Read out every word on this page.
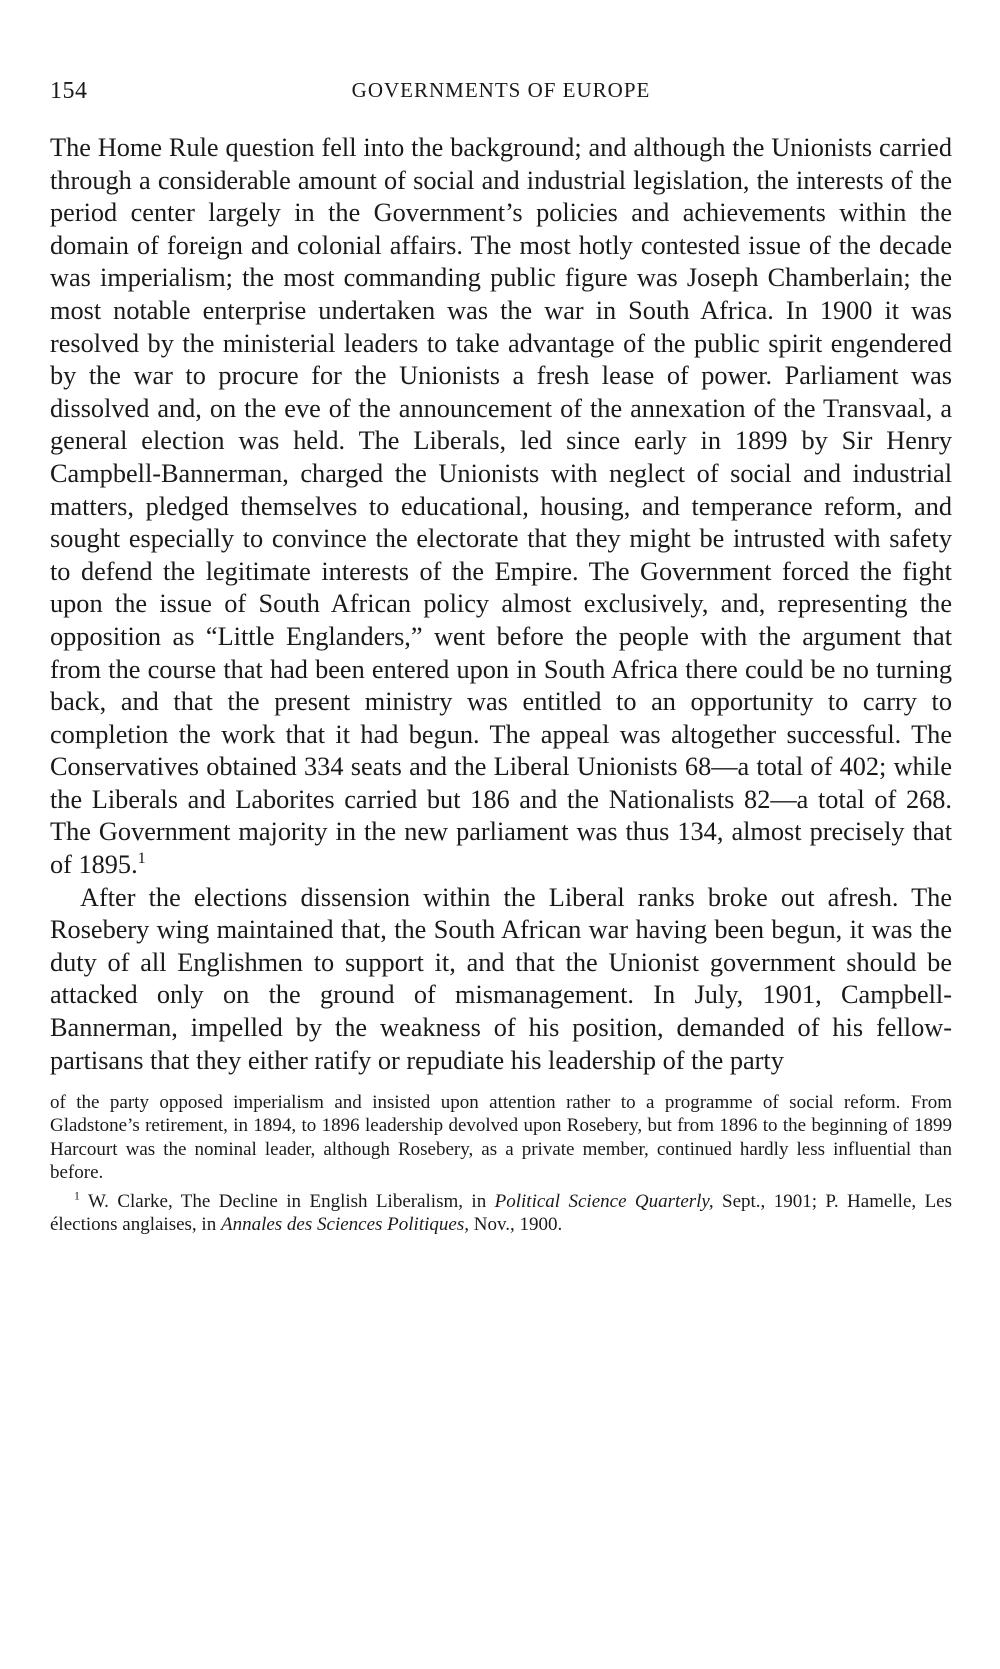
154	GOVERNMENTS OF EUROPE

The Home Rule question fell into the background; and although the Unionists carried through a considerable amount of social and industrial legislation, the interests of the period center largely in the Government’s policies and achievements within the domain of foreign and colonial affairs. The most hotly contested issue of the decade was imperialism; the most commanding public figure was Joseph Chamberlain; the most notable enterprise undertaken was the war in South Africa. In 1900 it was resolved by the ministerial leaders to take advantage of the public spirit engendered by the war to procure for the Unionists a fresh lease of power. Parliament was dissolved and, on the eve of the announcement of the annexation of the Transvaal, a general election was held. The Liberals, led since early in 1899 by Sir Henry Campbell-Bannerman, charged the Unionists with neglect of social and industrial matters, pledged themselves to educational, housing, and temperance reform, and sought especially to convince the electorate that they might be intrusted with safety to defend the legitimate interests of the Empire. The Government forced the fight upon the issue of South African policy almost exclusively, and, representing the opposition as “Little Englanders,” went before the people with the argument that from the course that had been entered upon in South Africa there could be no turning back, and that the present ministry was entitled to an opportunity to carry to completion the work that it had begun. The appeal was altogether successful. The Conservatives obtained 334 seats and the Liberal Unionists 68—a total of 402; while the Liberals and Laborites carried but 186 and the Nationalists 82—a total of 268. The Government majority in the new parliament was thus 134, almost precisely that of 1895.$^1$

After the elections dissension within the Liberal ranks broke out afresh. The Rosebery wing maintained that, the South African war having been begun, it was the duty of all Englishmen to support it, and that the Unionist government should be attacked only on the ground of mismanagement. In July, 1901, Campbell-Bannerman, impelled by the weakness of his position, demanded of his fellow-partisans that they either ratify or repudiate his leadership of the party

of the party opposed imperialism and insisted upon attention rather to a programme of social reform. From Gladstone’s retirement, in 1894, to 1896 leadership devolved upon Rosebery, but from 1896 to the beginning of 1899 Harcourt was the nominal leader, although Rosebery, as a private member, continued hardly less influential than before.

$^1$ W. Clarke, The Decline in English Liberalism, in Political Science Quarterly, Sept., 1901; P. Hamelle, Les élections anglaises, in Annales des Sciences Politiques, Nov., 1900.
